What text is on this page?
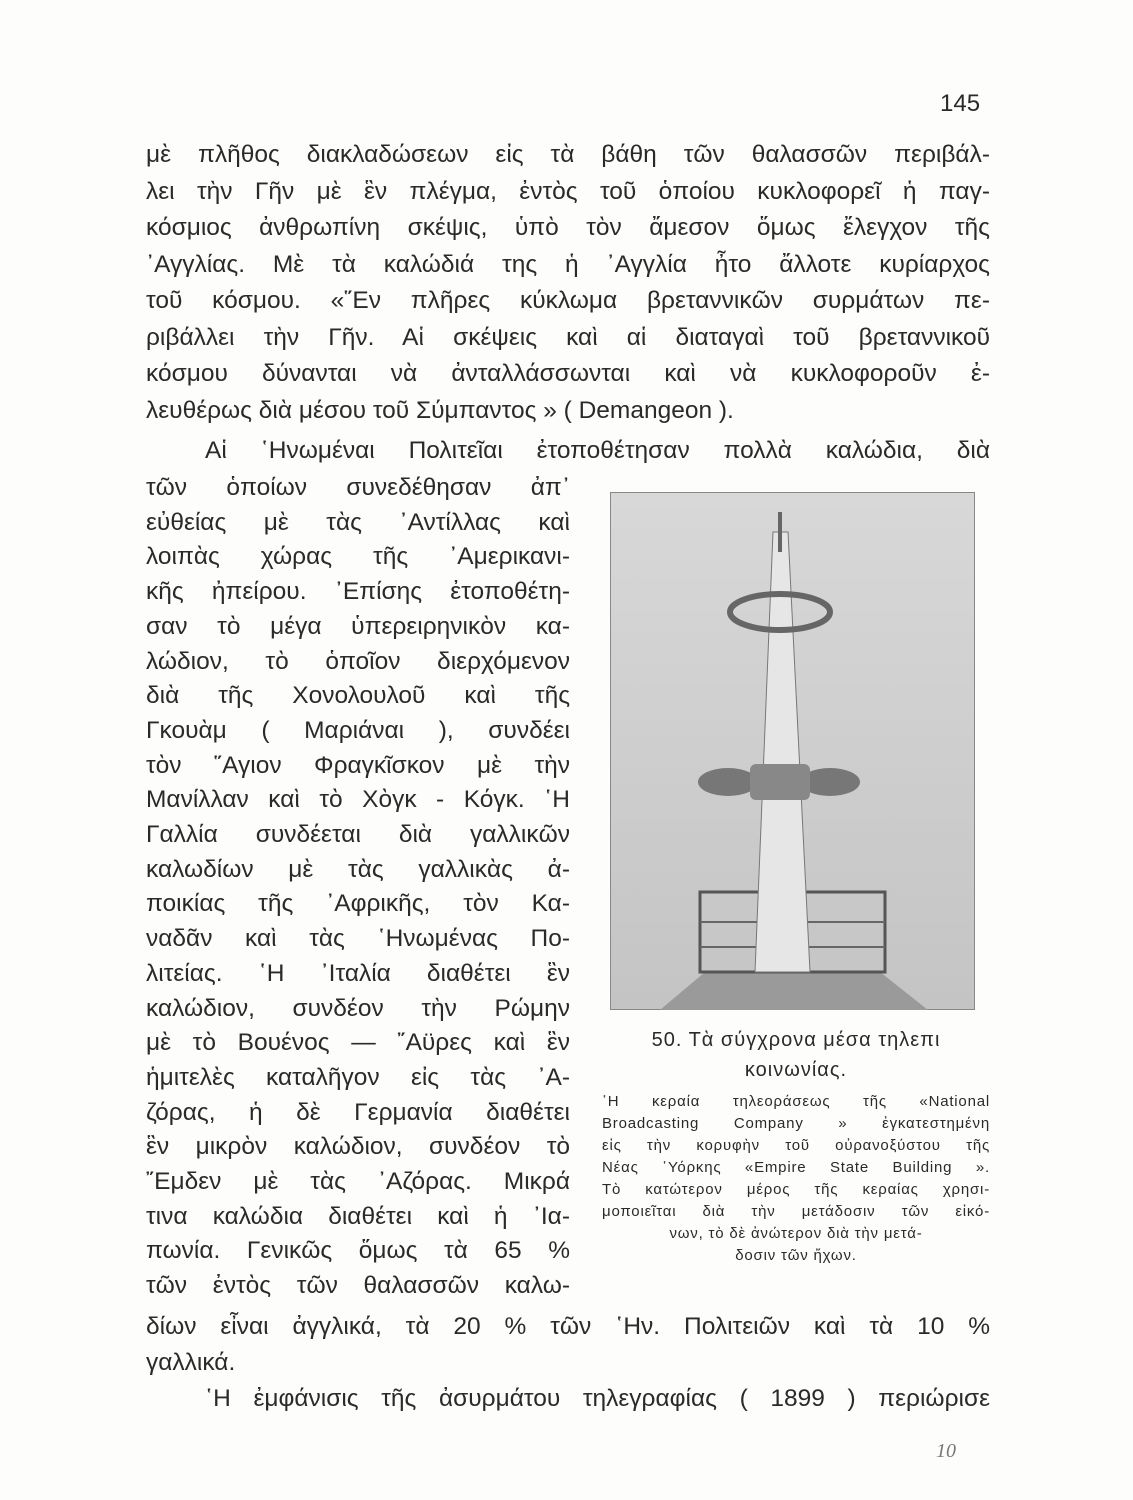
145
μὲ πλῆθος διακλαδώσεων εἰς τὰ βάθη τῶν θαλασσῶν περιβάλ-
λει τὴν Γῆν μὲ ἓν πλέγμα, ἐντὸς τοῦ ὁποίου κυκλοφορεῖ ἡ παγ-
κόσμιος ἀνθρωπίνη σκέψις, ὑπὸ τὸν ἄμεσον ὅμως ἔλεγχον τῆς
᾿Αγγλίας. Μὲ τὰ καλώδιά της ἡ ᾿Αγγλία ἦτο ἄλλοτε κυρίαρχος
τοῦ κόσμου. «῞Εν πλῆρες κύκλωμα βρεταννικῶν συρμάτων πε-
ριβάλλει τὴν Γῆν. Αἱ σκέψεις καὶ αἱ διαταγαὶ τοῦ βρεταννικοῦ
κόσμου δύνανται νὰ ἀνταλλάσσωνται καὶ νὰ κυκλοφοροῦν ἐ-
λευθέρως διὰ μέσου τοῦ Σύμπαντος » ( Demangeon ).
Αἱ ῾Ηνωμέναι Πολιτεῖαι ἐτοποθέτησαν πολλὰ καλώδια, διὰ
τῶν ὁποίων συνεδέθησαν ἀπ᾿
εὐθείας μὲ τὰς ᾿Αντίλλας καὶ
λοιπὰς χώρας τῆς ᾿Αμερικανι-
κῆς ἠπείρου. ᾿Επίσης ἐτοποθέτη-
σαν τὸ μέγα ὑπερειρηνικὸν κα-
λώδιον, τὸ ὁποῖον διερχόμενον
διὰ τῆς Χονολουλοῦ καὶ τῆς
Γκουὰμ ( Μαριάναι ), συνδέει
τὸν ῞Αγιον Φραγκῖσκον μὲ τὴν
Μανίλλαν καὶ τὸ Χὸγκ - Κόγκ. ῾Η
Γαλλία συνδέεται διὰ γαλλικῶν
καλωδίων μὲ τὰς γαλλικὰς ἀ-
ποικίας τῆς ᾿Αφρικῆς, τὸν Κα-
ναδᾶν καὶ τὰς ῾Ηνωμένας Πο-
λιτείας. ῾Η ᾿Ιταλία διαθέτει ἓν
καλώδιον, συνδέον τὴν Ρώμην
μὲ τὸ Βουένος — ῎Αϋρες καὶ ἓν
ἡμιτελὲς καταλῆγον εἰς τὰς ᾿Α-
ζόρας, ἡ δὲ Γερμανία διαθέτει
ἓν μικρὸν καλώδιον, συνδέον τὸ
῎Εμδεν μὲ τὰς ᾿Αζόρας. Μικρά
τινα καλώδια διαθέτει καὶ ἡ ᾿Ια-
πωνία. Γενικῶς ὅμως τὰ 65 %
τῶν ἐντὸς τῶν θαλασσῶν καλω-
δίων εἶναι ἀγγλικά, τὰ 20 % τῶν ῾Ην. Πολιτειῶν καὶ τὰ 10 %
γαλλικά.
῾Η ἐμφάνισις τῆς ἀσυρμάτου τηλεγραφίας ( 1899 ) περιώρισε
50. Τὰ σύγχρονα μέσα τηλεπι
κοινωνίας.
῾Η κεραία τηλεοράσεως τῆς «National
Broadcasting Company » ἐγκατεστημένη
εἰς τὴν κορυφὴν τοῦ οὐρανοξύστου τῆς
Νέας ῾Υόρκης «Empire State Building ».
Τὸ κατώτερον μέρος τῆς κεραίας χρησι-
μοποιεῖται διὰ τὴν μετάδοσιν τῶν εἰκό-
νων, τὸ δὲ ἀνώτερον διὰ τὴν μετά-
δοσιν τῶν ἤχων.
10
